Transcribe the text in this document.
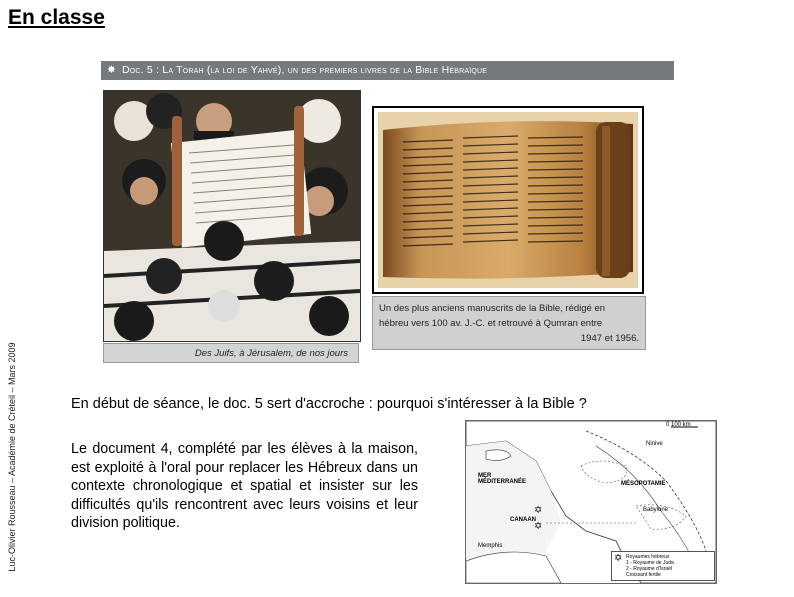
En classe
Luc-Olivier Rousseau – Académie de Créteil – Mars 2009
✸ Doc. 5 : La Torah (la loi de Yahvé), un des premiers livres de la Bible Hébraïque
Des Juifs, à Jérusalem, de nos jours
Un des plus anciens manuscrits de la Bible, rédigé en
hébreu vers 100 av. J.-C. et retrouvé à Qumran entre
1947 et 1956.
En début de séance, le doc. 5 sert d'accroche : pourquoi s'intéresser à la Bible ?
Le document 4, complété par les élèves à la maison, est exploité à l'oral pour replacer les Hébreux dans un contexte chronologique et spatial et insister sur les difficultés qu'ils rencontrent avec leurs voisins et leur division politique.
0 100 km
Ninive
MER
MÉDITERRANÉE	MÉSOPOTAMIE
Babylone
CANAAN
✡
✡
Memphis
✡ Royaumes hébreux
1 - Royaume de Juda
2 - Royaume d'Israël
Croissant fertile
